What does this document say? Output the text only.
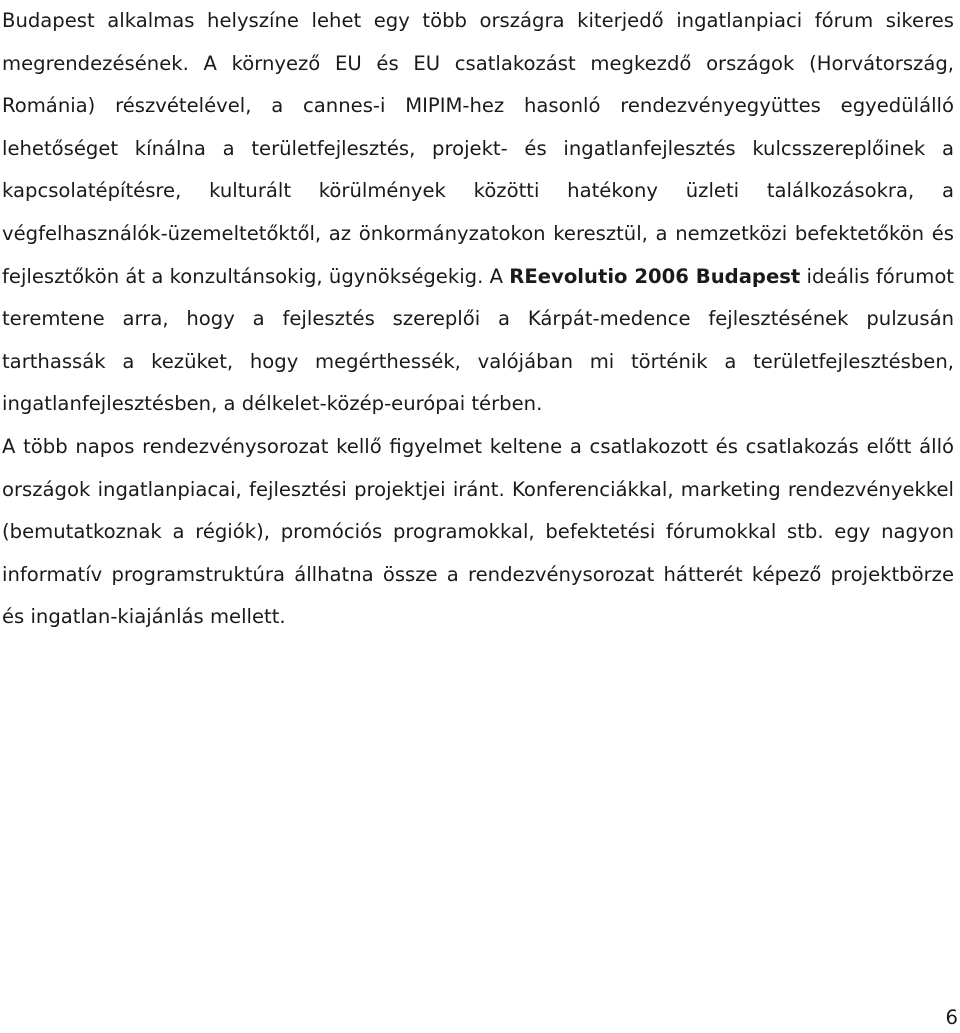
Budapest alkalmas helyszíne lehet egy több országra kiterjedő ingatlanpiaci fórum sikeres megrendezésének. A környező EU és EU csatlakozást megkezdő országok (Horvátország, Románia) részvételével, a cannes-i MIPIM-hez hasonló rendezvényegyüttes egyedülálló lehetőséget kínálna a területfejlesztés, projekt- és ingatlanfejlesztés kulcsszereplőinek a kapcsolatépítésre, kulturált körülmények közötti hatékony üzleti találkozásokra, a végfelhasználók-üzemeltetőktől, az önkormányzatokon keresztül, a nemzetközi befektetőkön és fejlesztőkön át a konzultánsokig, ügynökségekig. A REevolutio 2006 Budapest ideális fórumot teremtene arra, hogy a fejlesztés szereplői a Kárpát-medence fejlesztésének pulzusán tarthassák a kezüket, hogy megérthessék, valójában mi történik a területfejlesztésben, ingatlanfejlesztésben, a délkelet-közép-európai térben.

A több napos rendezvénysorozat kellő figyelmet keltene a csatlakozott és csatlakozás előtt álló országok ingatlanpiacai, fejlesztési projektjei iránt. Konferenciákkal, marketing rendezvényekkel (bemutatkoznak a régiók), promóciós programokkal, befektetési fórumokkal stb. egy nagyon informatív programstruktúra állhatna össze a rendezvénysorozat hátterét képező projektbörze és ingatlan-kiajánlás mellett.

6
